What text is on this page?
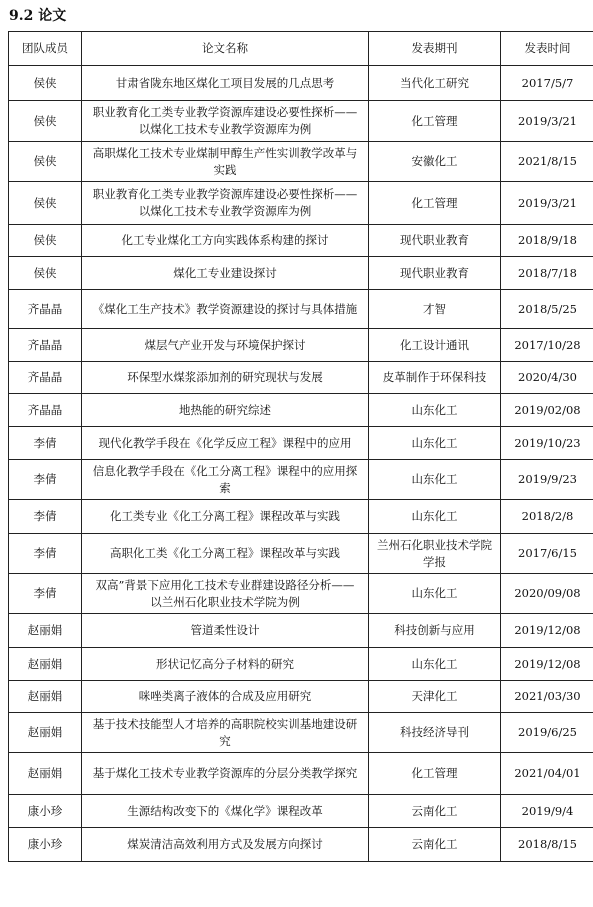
9.2 论文
团队成员	论文名称	发表期刊	发表时间
侯侠	甘肃省陇东地区煤化工项目发展的几点思考	当代化工研究	2017/5/7
侯侠	职业教育化工类专业教学资源库建设必要性探析——以煤化工技术专业教学资源库为例	化工管理	2019/3/21
侯侠	高职煤化工技术专业煤制甲醇生产性实训教学改革与实践	安徽化工	2021/8/15
侯侠	职业教育化工类专业教学资源库建设必要性探析——以煤化工技术专业教学资源库为例	化工管理	2019/3/21
侯侠	化工专业煤化工方向实践体系构建的探讨	现代职业教育	2018/9/18
侯侠	煤化工专业建设探讨	现代职业教育	2018/7/18
齐晶晶	《煤化工生产技术》教学资源建设的探讨与具体措施	才智	2018/5/25
齐晶晶	煤层气产业开发与环境保护探讨	化工设计通讯	2017/10/28
齐晶晶	环保型水煤浆添加剂的研究现状与发展	皮革制作于环保科技	2020/4/30
齐晶晶	地热能的研究综述	山东化工	2019/02/08
李倩	现代化教学手段在《化学反应工程》课程中的应用	山东化工	2019/10/23
李倩	信息化教学手段在《化工分离工程》课程中的应用探索	山东化工	2019/9/23
李倩	化工类专业《化工分离工程》课程改革与实践	山东化工	2018/2/8
李倩	高职化工类《化工分离工程》课程改革与实践	兰州石化职业技术学院学报	2017/6/15
李倩	双高”背景下应用化工技术专业群建设路径分析——以兰州石化职业技术学院为例	山东化工	2020/09/08
赵丽娟	管道柔性设计	科技创新与应用	2019/12/08
赵丽娟	形状记忆高分子材料的研究	山东化工	2019/12/08
赵丽娟	咪唑类离子液体的合成及应用研究	天津化工	2021/03/30
赵丽娟	基于技术技能型人才培养的高职院校实训基地建设研究	科技经济导刊	2019/6/25
赵丽娟	基于煤化工技术专业教学资源库的分层分类教学探究	化工管理	2021/04/01
康小珍	生源结构改变下的《煤化学》课程改革	云南化工	2019/9/4
康小珍	煤炭清洁高效利用方式及发展方向探讨	云南化工	2018/8/15
